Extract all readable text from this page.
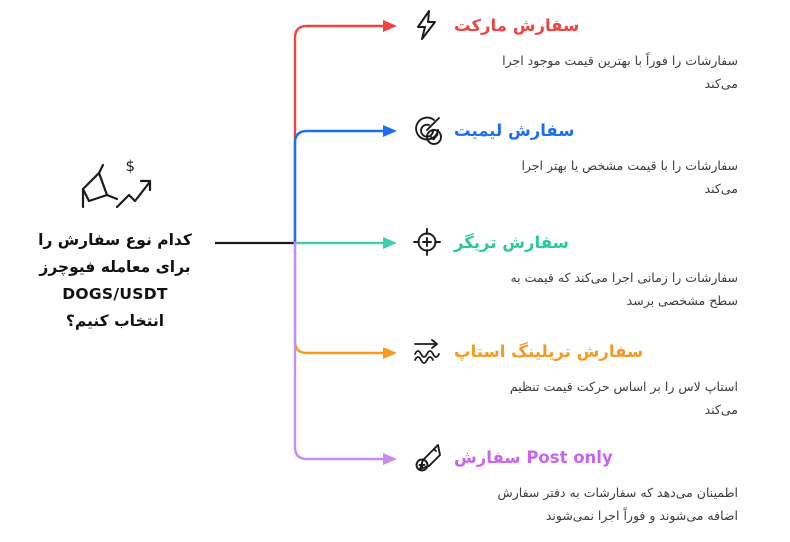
$
کدام نوع سفارش را
برای معامله فیوچرز
DOGS/USDT
انتخاب کنیم؟
سفارش مارکت
سفارشات را فوراً با بهترین قیمت موجود اجرا می‌کند
سفارش لیمیت
سفارشات را با قیمت مشخص یا بهتر اجرا می‌کند
سفارش تریگر
سفارشات را زمانی اجرا می‌کند که قیمت به سطح مشخصی برسد
سفارش تریلینگ استاپ
استاپ لاس را بر اساس حرکت قیمت تنظیم می‌کند
Post only سفارش
اطمینان می‌دهد که سفارشات به دفتر سفارش اضافه می‌شوند و فوراً اجرا نمی‌شوند
